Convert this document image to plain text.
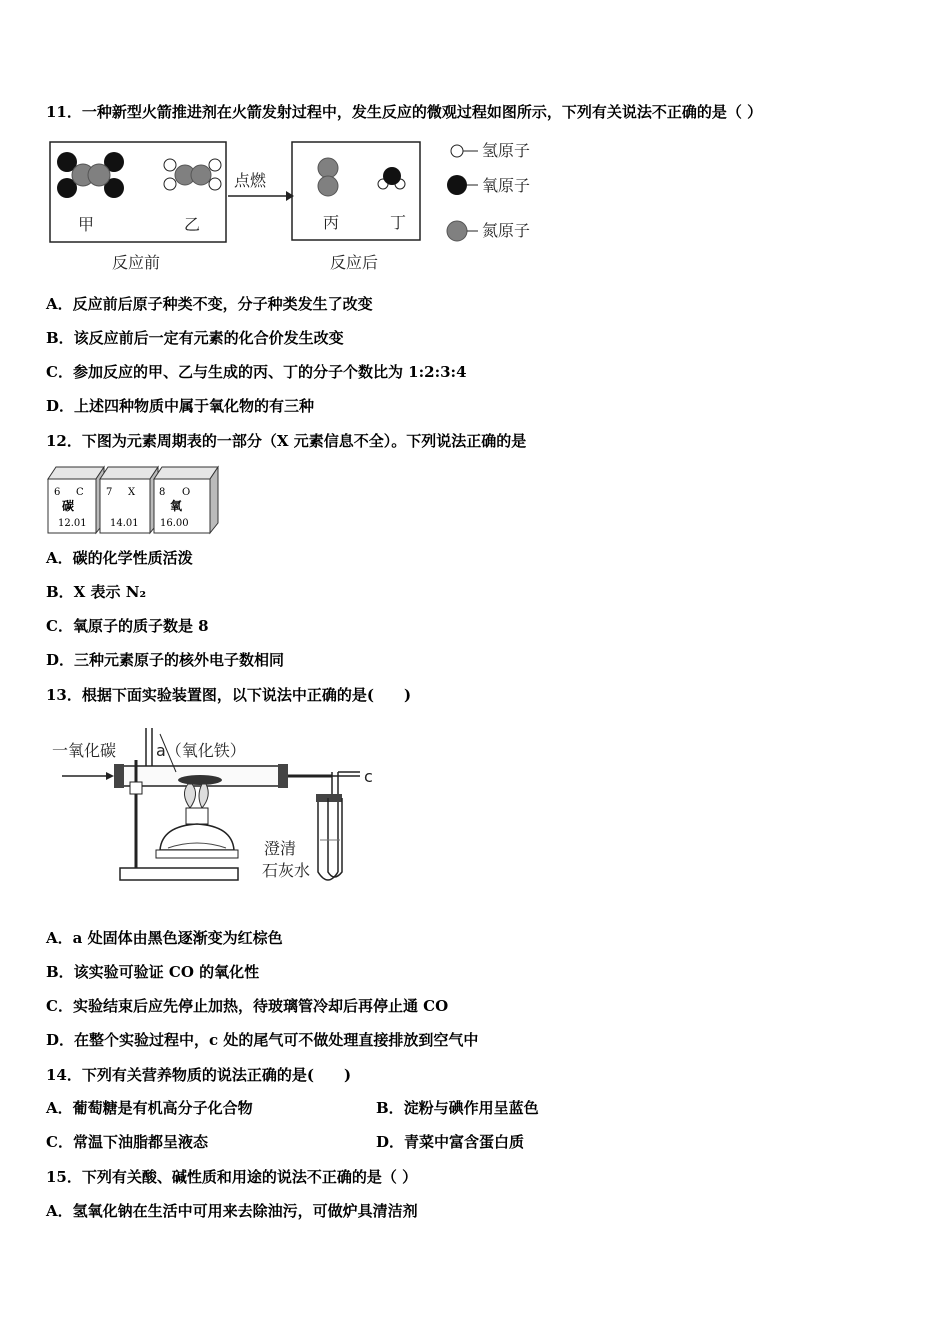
11．一种新型火箭推进剂在火箭发射过程中，发生反应的微观过程如图所示，下列有关说法不正确的是（ ）
甲	乙
点燃
丙	丁
反应前	反应后
氢原子
氧原子
氮原子
A．反应前后原子种类不变，分子种类发生了改变
B．该反应前后一定有元素的化合价发生改变
C．参加反应的甲、乙与生成的丙、丁的分子个数比为 1:2:3:4
D．上述四种物质中属于氧化物的有三种
12．下图为元素周期表的一部分（X 元素信息不全）。下列说法正确的是
6 C
碳
12.01
7 X
14.01
8 O
氧
16.00
A．碳的化学性质活泼
B．X 表示 N₂
C．氧原子的质子数是 8
D．三种元素原子的核外电子数相同
13．根据下面实验装置图，以下说法中正确的是(　　)
一氧化碳 a（氧化铁）
c
澄清
石灰水
A．a 处固体由黑色逐渐变为红棕色
B．该实验可验证 CO 的氧化性
C．实验结束后应先停止加热，待玻璃管冷却后再停止通 CO
D．在整个实验过程中，c 处的尾气可不做处理直接排放到空气中
14．下列有关营养物质的说法正确的是(　　)
A．葡萄糖是有机高分子化合物	B．淀粉与碘作用呈蓝色
C．常温下油脂都呈液态	D．青菜中富含蛋白质
15．下列有关酸、碱性质和用途的说法不正确的是（ ）
A．氢氧化钠在生活中可用来去除油污，可做炉具清洁剂
